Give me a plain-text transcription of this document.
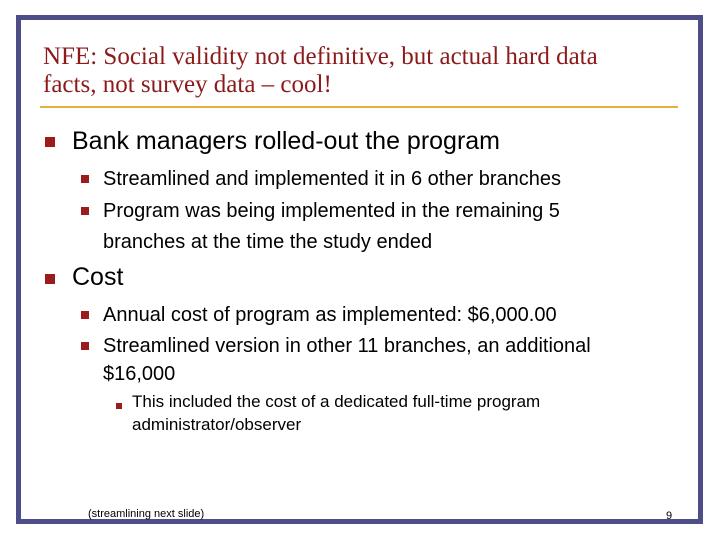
NFE: Social validity not definitive, but actual hard data
facts, not survey data – cool!
Bank managers rolled-out the program
Streamlined and implemented it in 6 other branches
Program was being implemented in the remaining 5
branches at the time the study ended
Cost
Annual cost of program as implemented: $6,000.00
Streamlined version in other 11 branches, an additional
$16,000
This included the cost of a dedicated full-time program
administrator/observer
(streamlining next slide)	9
